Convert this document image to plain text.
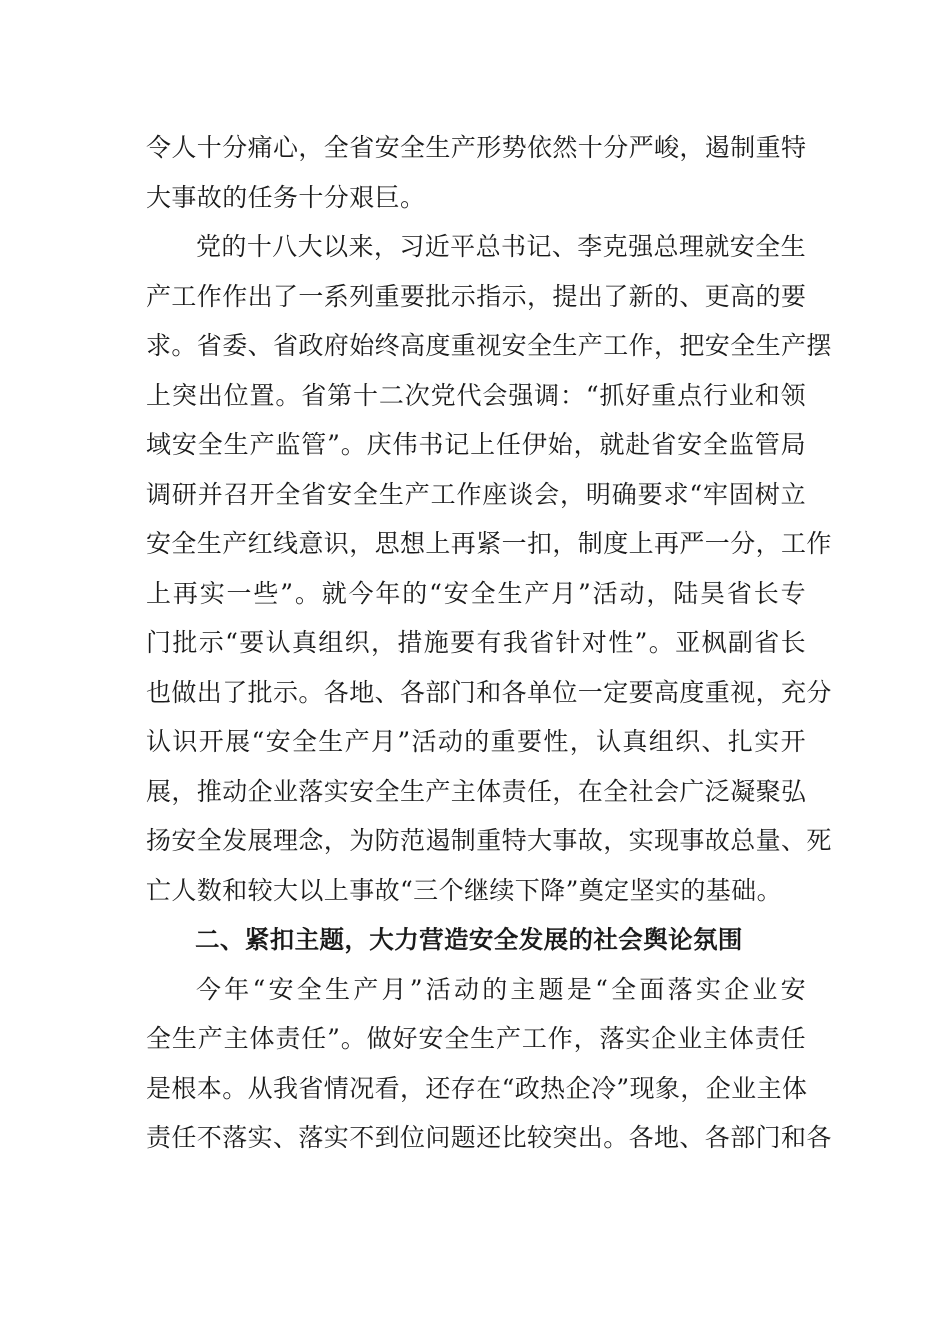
令人十分痛心，全省安全生产形势依然十分严峻，遏制重特
大事故的任务十分艰巨。
党的十八大以来，习近平总书记、李克强总理就安全生
产工作作出了一系列重要批示指示，提出了新的、更高的要
求。省委、省政府始终高度重视安全生产工作，把安全生产摆
上突出位置。省第十二次党代会强调：“抓好重点行业和领
域安全生产监管”。庆伟书记上任伊始，就赴省安全监管局
调研并召开全省安全生产工作座谈会，明确要求“牢固树立
安全生产红线意识，思想上再紧一扣，制度上再严一分，工作
上再实一些”。就今年的“安全生产月”活动，陆昊省长专
门批示“要认真组织，措施要有我省针对性”。亚枫副省长
也做出了批示。各地、各部门和各单位一定要高度重视，充分
认识开展“安全生产月”活动的重要性，认真组织、扎实开
展，推动企业落实安全生产主体责任，在全社会广泛凝聚弘
扬安全发展理念，为防范遏制重特大事故，实现事故总量、死
亡人数和较大以上事故“三个继续下降”奠定坚实的基础。
二、紧扣主题，大力营造安全发展的社会舆论氛围
今年“安全生产月”活动的主题是“全面落实企业安
全生产主体责任”。做好安全生产工作，落实企业主体责任
是根本。从我省情况看，还存在“政热企冷”现象，企业主体
责任不落实、落实不到位问题还比较突出。各地、各部门和各
